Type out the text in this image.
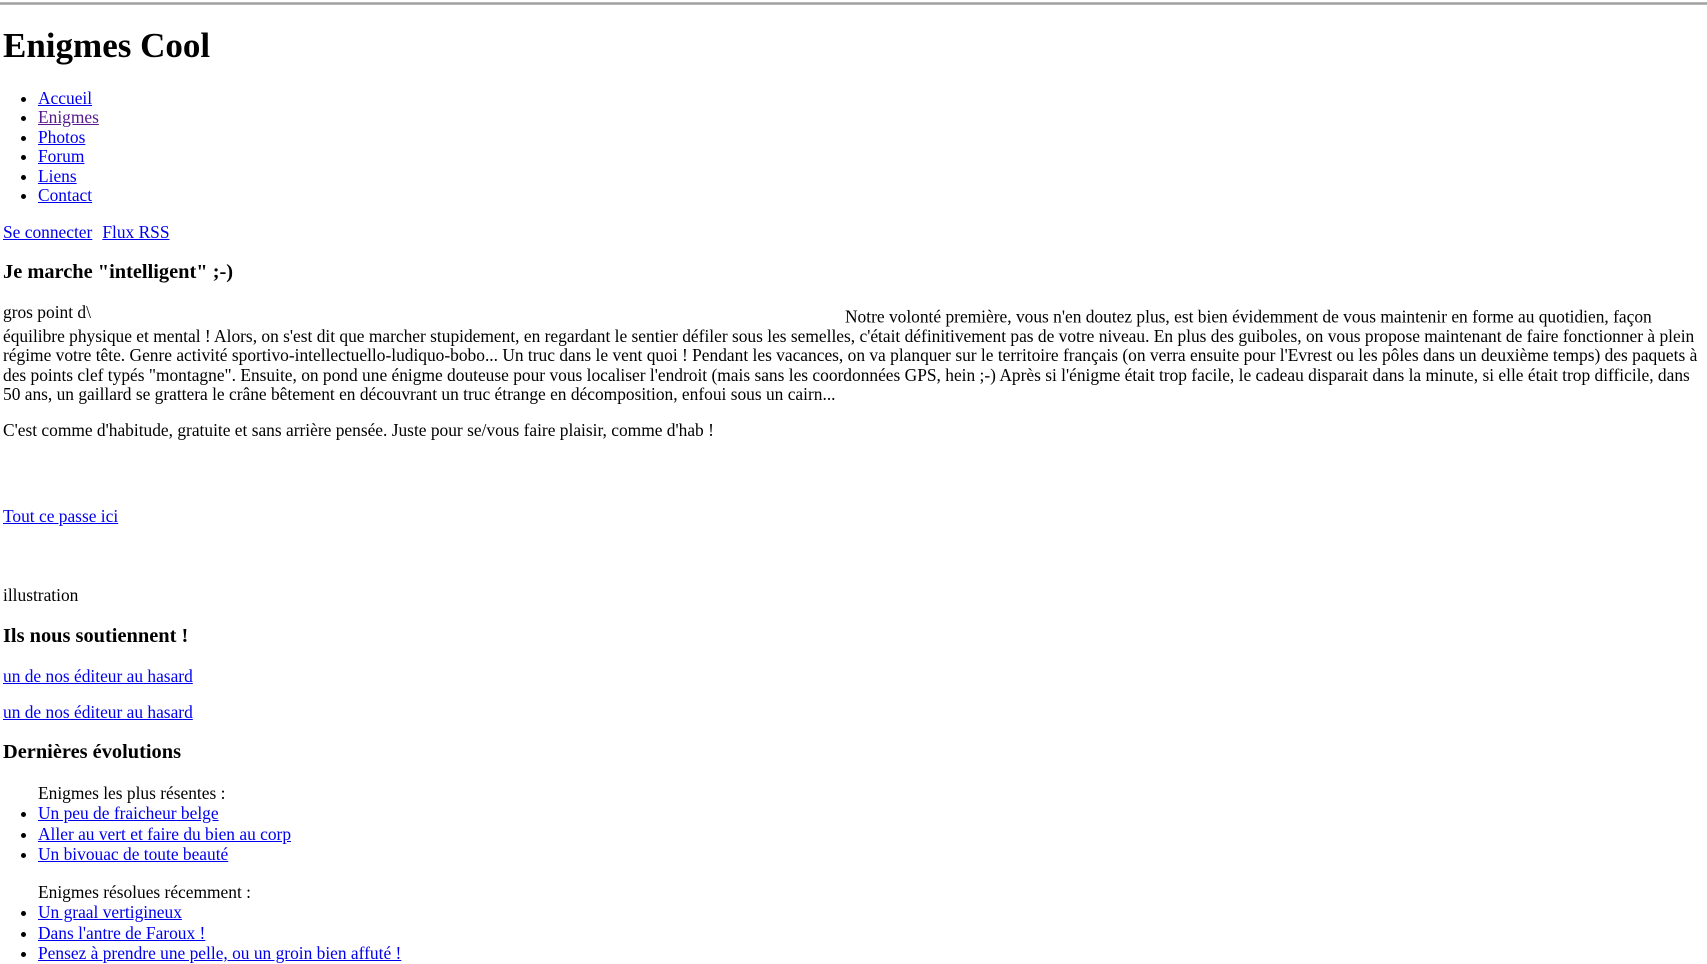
Enigmes Cool
• Accueil
• Enigmes
• Photos
• Forum
• Liens
• Contact

Se connecter Flux RSS

Je marche "intelligent" ;-)

gros point d\	Notre volonté première, vous n'en doutez plus, est bien évidemment de vous maintenir en forme au quotidien, façon équilibre physique et mental ! Alors, on s'est dit que marcher stupidement, en regardant le sentier défiler sous les semelles, c'était définitivement pas de votre niveau. En plus des guiboles, on vous propose maintenant de faire fonctionner à plein régime votre tête. Genre activité sportivo-intellectuello-ludiquo-bobo... Un truc dans le vent quoi ! Pendant les vacances, on va planquer sur le territoire français (on verra ensuite pour l'Evrest ou les pôles dans un deuxième temps) des paquets à des points clef typés "montagne". Ensuite, on pond une énigme douteuse pour vous localiser l'endroit (mais sans les coordonnées GPS, hein ;-) Après si l'énigme était trop facile, le cadeau disparait dans la minute, si elle était trop difficile, dans 50 ans, un gaillard se grattera le crâne bêtement en découvrant un truc étrange en décomposition, enfoui sous un cairn...

C'est comme d'habitude, gratuite et sans arrière pensée. Juste pour se/vous faire plaisir, comme d'hab !

Tout ce passe ici

illustration

Ils nous soutiennent !

un de nos éditeur au hasard

un de nos éditeur au hasard

Dernières évolutions
Enigmes les plus résentes :
• Un peu de fraicheur belge
• Aller au vert et faire du bien au corp
• Un bivouac de toute beauté
Enigmes résolues récemment :
• Un graal vertigineux
• Dans l'antre de Faroux !
• Pensez à prendre une pelle, ou un groin bien affuté !
